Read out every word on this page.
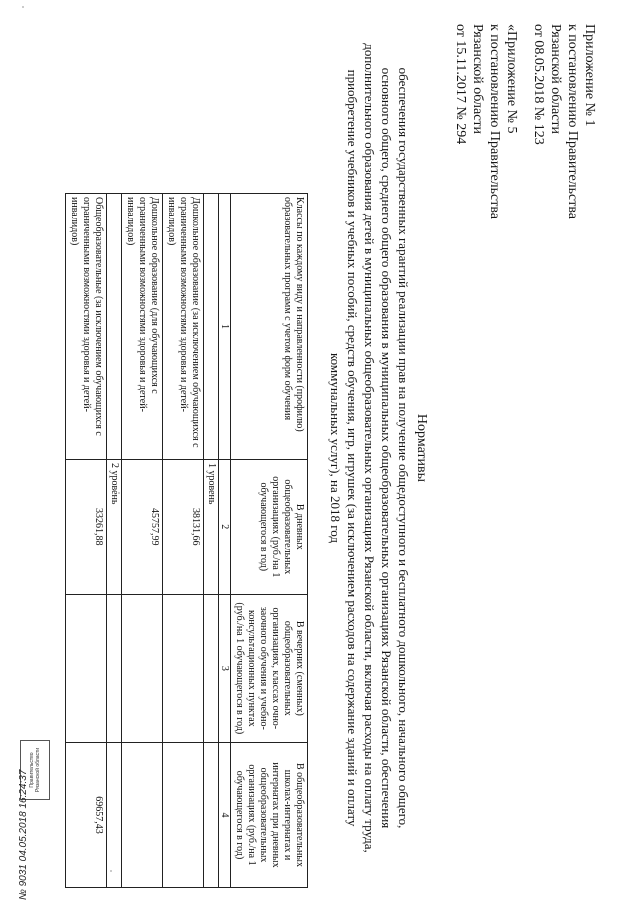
Приложение № 1
к постановлению Правительства
Рязанской области
от 08.05.2018 № 123
«Приложение № 5
к постановлению Правительства
Рязанской области
от 15.11.2017 № 294
Нормативы
обеспечения государственных гарантий реализации прав на получение общедоступного и бесплатного дошкольного, начального общего, основного общего, среднего общего образования в муниципальных общеобразовательных организациях Рязанской области, обеспечения дополнительного образования детей в муниципальных общеобразовательных организациях Рязанской области, включая расходы на оплату труда, приобретение учебников и учебных пособий, средств обучения, игр, игрушек (за исключением расходов на содержание зданий и оплату коммунальных услуг), на 2018 год
Классы по каждому виду и направленности (профилю) образовательных программ с учетом форм обучения	В дневных общеобразовательных организациях (руб./на 1 обучающегося в год)	В вечерних (сменных) общеобразовательных организациях, классах очно-заочного обучения и учебно-консультационных пунктах (руб./на 1 обучающегося в год)	В общеобразовательных школах-интернатах и интернатах при дневных общеобразовательных организациях (руб./на 1 обучающегося в год)
1	2	3	4
	1 уровень		
Дошкольное образование (за исключением обучающихся с ограниченными возможностями здоровья и детей-инвалидов)	38131,66		
Дошкольное образование (для обучающихся с ограниченными возможностями здоровья и детей-инвалидов)	45757,99		
	2 уровень		
Общеобразовательные (за исключением обучающихся с ограниченными возможностями здоровья и детей-инвалидов)	33261,88		69657,43
Правительство Рязанской области
№ 9031 04.05.2018 16:24:37
